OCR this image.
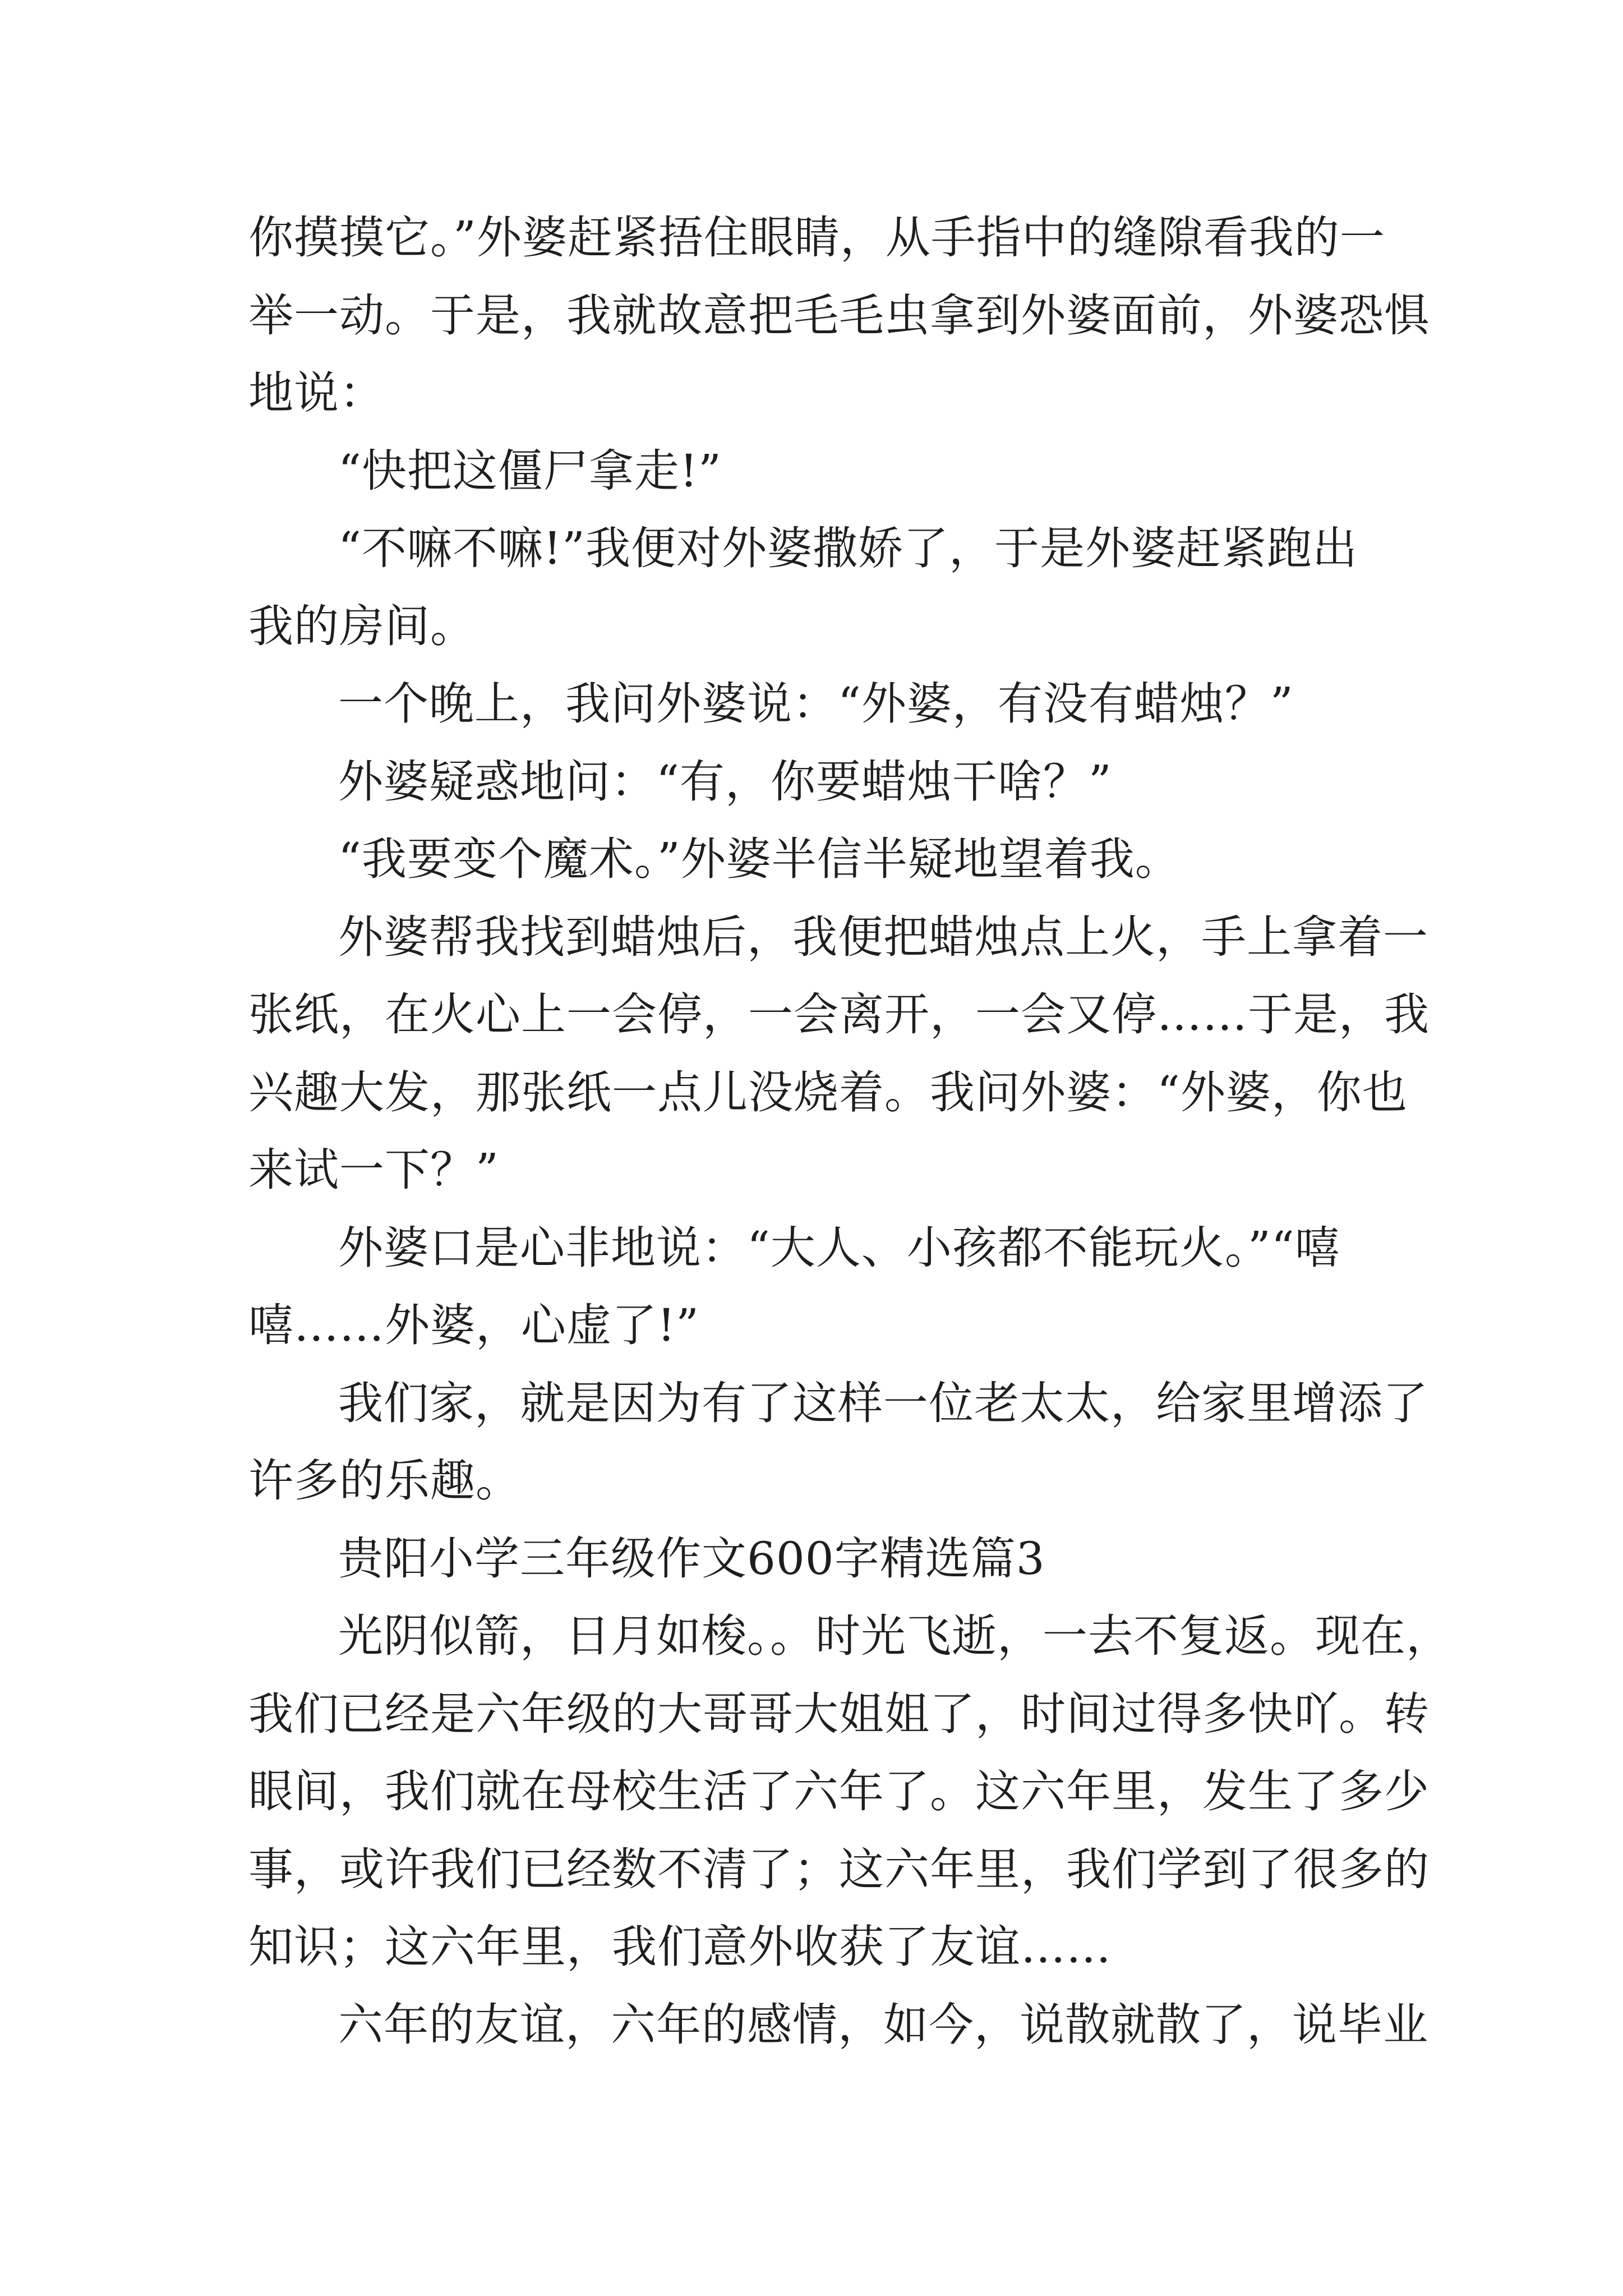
你摸摸它。”外婆赶紧捂住眼睛，从手指中的缝隙看我的一
举一动。于是，我就故意把毛毛虫拿到外婆面前，外婆恐惧
地说：
“快把这僵尸拿走!”
“不嘛不嘛!”我便对外婆撒娇了，于是外婆赶紧跑出
我的房间。
一个晚上，我问外婆说：“外婆，有没有蜡烛？”
外婆疑惑地问：“有，你要蜡烛干啥？”
“我要变个魔术。”外婆半信半疑地望着我。
外婆帮我找到蜡烛后，我便把蜡烛点上火，手上拿着一
张纸，在火心上一会停，一会离开，一会又停……于是，我
兴趣大发，那张纸一点儿没烧着。我问外婆：“外婆，你也
来试一下？”
外婆口是心非地说：“大人、小孩都不能玩火。”“嘻
嘻……外婆，心虚了!”
我们家，就是因为有了这样一位老太太，给家里增添了
许多的乐趣。
贵阳小学三年级作文600字精选篇3
光阴似箭，日月如梭。。时光飞逝，一去不复返。现在，
我们已经是六年级的大哥哥大姐姐了，时间过得多快吖。转
眼间，我们就在母校生活了六年了。这六年里，发生了多少
事，或许我们已经数不清了；这六年里，我们学到了很多的
知识；这六年里，我们意外收获了友谊……
六年的友谊，六年的感情，如今，说散就散了，说毕业
